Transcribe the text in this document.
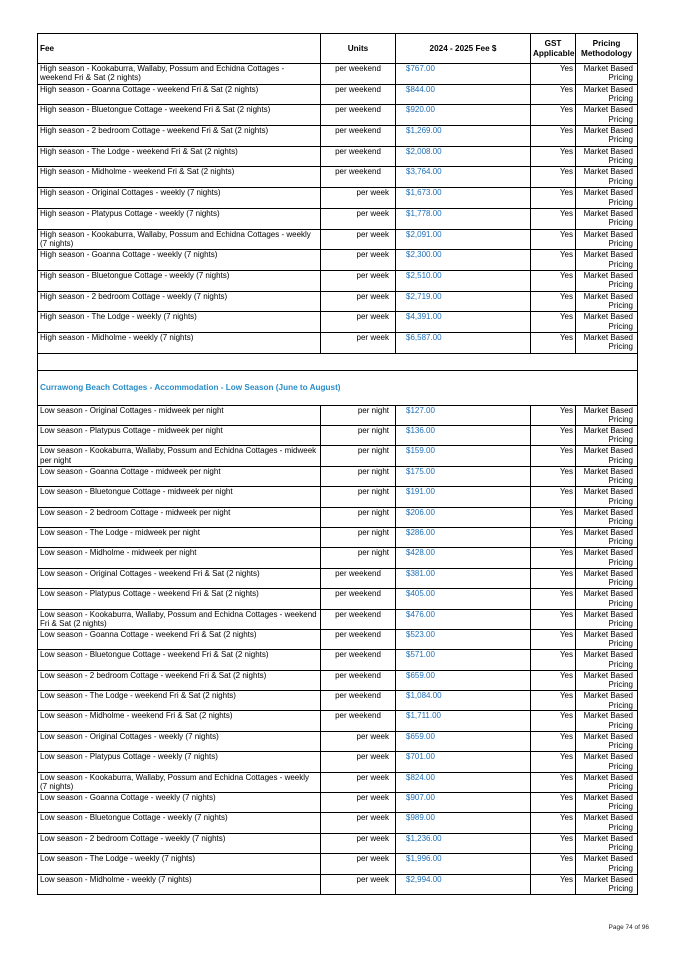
Fee	Units	2024 - 2025 Fee $	GST Applicable	Pricing Methodology
High season - Kookaburra, Wallaby, Possum and Echidna Cottages - weekend Fri & Sat (2 nights)	per weekend	$767.00	Yes	Market Based Pricing
High season - Goanna Cottage - weekend Fri & Sat (2 nights)	per weekend	$844.00	Yes	Market Based Pricing
High season - Bluetongue Cottage - weekend Fri & Sat (2 nights)	per weekend	$920.00	Yes	Market Based Pricing
High season - 2 bedroom Cottage - weekend Fri & Sat (2 nights)	per weekend	$1,269.00	Yes	Market Based Pricing
High season - The Lodge - weekend Fri & Sat (2 nights)	per weekend	$2,008.00	Yes	Market Based Pricing
High season - Midholme - weekend Fri & Sat (2 nights)	per weekend	$3,764.00	Yes	Market Based Pricing
High season - Original Cottages - weekly (7 nights)	per week	$1,673.00	Yes	Market Based Pricing
High season - Platypus Cottage - weekly (7 nights)	per week	$1,778.00	Yes	Market Based Pricing
High season - Kookaburra, Wallaby, Possum and Echidna Cottages - weekly (7 nights)	per week	$2,091.00	Yes	Market Based Pricing
High season - Goanna Cottage - weekly (7 nights)	per week	$2,300.00	Yes	Market Based Pricing
High season - Bluetongue Cottage - weekly (7 nights)	per week	$2,510.00	Yes	Market Based Pricing
High season - 2 bedroom Cottage - weekly (7 nights)	per week	$2,719.00	Yes	Market Based Pricing
High season - The Lodge - weekly (7 nights)	per week	$4,391.00	Yes	Market Based Pricing
High season - Midholme - weekly (7 nights)	per week	$6,587.00	Yes	Market Based Pricing

Currawong Beach Cottages - Accommodation - Low Season (June to August)				
Low season - Original Cottages - midweek per night	per night	$127.00	Yes	Market Based Pricing
Low season - Platypus Cottage - midweek per night	per night	$136.00	Yes	Market Based Pricing
Low season - Kookaburra, Wallaby, Possum and Echidna Cottages - midweek per night	per night	$159.00	Yes	Market Based Pricing
Low season - Goanna Cottage - midweek per night	per night	$175.00	Yes	Market Based Pricing
Low season - Bluetongue Cottage - midweek per night	per night	$191.00	Yes	Market Based Pricing
Low season - 2 bedroom Cottage - midweek per night	per night	$206.00	Yes	Market Based Pricing
Low season - The Lodge - midweek per night	per night	$286.00	Yes	Market Based Pricing
Low season - Midholme - midweek per night	per night	$428.00	Yes	Market Based Pricing
Low season - Original Cottages - weekend Fri & Sat (2 nights)	per weekend	$381.00	Yes	Market Based Pricing
Low season - Platypus Cottage - weekend Fri & Sat (2 nights)	per weekend	$405.00	Yes	Market Based Pricing
Low season - Kookaburra, Wallaby, Possum and Echidna Cottages - weekend Fri & Sat (2 nights)	per weekend	$476.00	Yes	Market Based Pricing
Low season - Goanna Cottage - weekend Fri & Sat (2 nights)	per weekend	$523.00	Yes	Market Based Pricing
Low season - Bluetongue Cottage - weekend Fri & Sat (2 nights)	per weekend	$571.00	Yes	Market Based Pricing
Low season - 2 bedroom Cottage - weekend Fri & Sat (2 nights)	per weekend	$659.00	Yes	Market Based Pricing
Low season - The Lodge - weekend Fri & Sat (2 nights)	per weekend	$1,084.00	Yes	Market Based Pricing
Low season - Midholme - weekend Fri & Sat (2 nights)	per weekend	$1,711.00	Yes	Market Based Pricing
Low season - Original Cottages - weekly (7 nights)	per week	$659.00	Yes	Market Based Pricing
Low season - Platypus Cottage - weekly (7 nights)	per week	$701.00	Yes	Market Based Pricing
Low season - Kookaburra, Wallaby, Possum and Echidna Cottages - weekly (7 nights)	per week	$824.00	Yes	Market Based Pricing
Low season - Goanna Cottage - weekly (7 nights)	per week	$907.00	Yes	Market Based Pricing
Low season - Bluetongue Cottage - weekly (7 nights)	per week	$989.00	Yes	Market Based Pricing
Low season - 2 bedroom Cottage - weekly (7 nights)	per week	$1,236.00	Yes	Market Based Pricing
Low season - The Lodge - weekly (7 nights)	per week	$1,996.00	Yes	Market Based Pricing
Low season - Midholme - weekly (7 nights)	per week	$2,994.00	Yes	Market Based Pricing
Page 74 of 96
